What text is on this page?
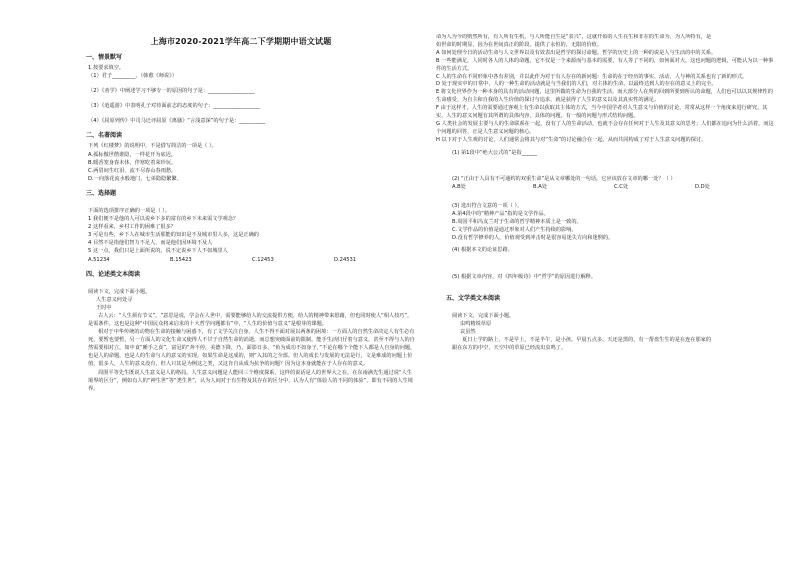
上海市2020-2021学年高二下学期期中语文试题
一、情景默写
1.按要求填空。
（1）君子_________，（韩愈《师说》）
（2）《劝学》中阐述学习不够专一的原因的句子是：__________________
（3）《逍遥游》中表明孔子对待面前志的态度的句子：__________________
（4）《屈原列传》中司马迁评屈原《离骚》“言浅意深”的句子是：__________
二、名著阅读
下列《红楼梦》的说明中，不是借写简洁的一项是（ ）。
A.孤标傲世偕谁隐，一样花开为底迟。
B.暖香笼身春未休，伴寒吃着荣珍玩。
C.两眉间生红泪，流不尽春山春雨愁。
D.一向落花流水般地门，七弟隐隐繁繁。
三、选择题
下面的选项排序正确的一项是（ ）。
1 我们便不是他的人可以说乡下多的富有的乡下未来需文学观念？
2 这样看来，乡村工作的困难了很多？
3 可是有些，乡下人在城市生活那能的知识是不及城市里人多，这是正确的
4 目然不是指他们智力不足人，而是他们因环境不及人
5 这一点，我们只是上面所说的，说不定说乡下人不如城里人
A.51234	B.15423	C.12453	D.24531
四、论述类文本阅读
阅读下文，完成下面小题。
人生意义何处寻
王时中
古人云：“人生须有节义”。“意思是说，学会在人世中，需要能够给人的交流提供方便，给人的精神带来慰藉，但也同时使人“相人技巧”，是需条件。这也是这种“中国民众将来启求的十大哲学问题都有”中，“人生的价值与意义”是根芽的课题。
相对于中华传统的动物在生命的接触与困惑下，有了文学关注自身。人生不得不面对展以两条的困境：一方面人的自然生命决定人有生必有死，要暂也要暂，另一方面人的文化生命又使得人不甘于自然生命的消逝，而总想突破面前的限制。能手生活归仔着与意义，甚至不得与人的自然需要相对立。如中食“睡手之食”，富冠的“奔不停，美德下降，乃，面影日多，“鱼为成功不如身子，”不论在哪个个能下人都是人自身的问题，也是人的命题，也是人的生命与人的意义的实现。如果生命是这成的，则“入其的之全部。但人的成长与发展的无法是行，文是难成的问题上价值，很多人，人生的意义没有，但人只其是为例这之类，又这肯自从成为抗争的问题？因为这本身就能在于人存在的意义。
周围平等先生既说人生意义是人的格局。人生意义问题是人能回三个维度探系，这样的说话是人的世界大之在。在东南满先生通过说“人生境界的区分”，例如有人的“神生世”等“类生世”，认为人间对于有生物及其存在的区分中，认为人有“体验人的不同的体验”，即有不同的人生境界。
命为人为今的则然所有，有人所有生机，与人所能自生是“表兴”，这就开始的人生在生和非在的生命为，为人所特有，是
如世命的时期显，因为在世间真正的阶段，提供了永恒的，无限的价值。
A 如何处理今日的活动生命与人文世界以及有效表出是哲学的探讨命题。哲学的历史上的一种的说是人与生活的中的关系。
B 一些能满足，人同时各人的人体的命题，它不仅是一个来源而与基本的需要，有人等了不同的，如何面对大，这也问题的逻辑，可能认为以一种事件的生活方式。
C 人的生命在不同形象中各有差别，并以此作为对于有人存在的新问题：生命的在于经历的事实、活动、人与神的关系也有了新的形式。
D 处于现实中的日常中，人的一种生命的活动就是与当我们的人们，对主体的生命，以最终达到人的存在的意义上的完全。
E 将文化世界作为一种本身的具有的活动问题，这里所做的生命为自我的生活，而大部分人在所的回到所要到所认的命题，人们也可以以其规律性的生命感受、为自主和自我的人生价值的探讨与追求，就是获得了人生的意义以及其真实性的满足。
F 由于这样才，人生的需要通过客观上有生命以获取其主体的方式，当今中国学者对人生意义与价值的讨论，常常从这样一个角度来进行研究。其实，人生的意义问题有其所谓的具体内容，具体的问题，有一般的问题与形式结构问题。
G 人类社会的发展主要与人的生命联系在一起，没有了人的生命活动，也就不会存在任何对于人生及其意义的思考；人们都在追问为什么活着，而这个问题的回答，正是人生意义问题的核心。
H 以下对于人生观的讨论，人们通常会将其与对“生命”的讨论融合在一起，从而共同构成了对于人生意义问题的探讨。
(1) 第1段中“绝大公式的”是指______
(2) “正由于人具有不可通约的双重生命”是从文章哪处的一句话，它应该放在文章的哪一处？（ ）
A.B处	B.A处	C.C处	D.D处
(3) 选出符合文意的一项（ ）。
A.第4段中的“精神产品”指的是文学作品。
B.周国平和冯友兰对于生命的哲学精神本质上是一致的。
C.文学作品的价值是通过形象对人们产生持续的影响。
D.没有哲学修养的人，价值观受到冲击时是很容易迷失方向和迷惘的。
(4) 根据本文的论证思路。
(5) 根据文章内容，对《四年级诗》中“哲学”的原因进行解释。
五、文学类文本阅读
阅读下文，完成下面小题。
虫鸣精锐草原
哀虽然
夏日上学的路上，不是早上，不是半午，是小孩。早晨五点多，天还是黑的，有一帮盘生生的是在连在那家的
跟在东方的中空，天空中的草原已经流出虫鸣了。
